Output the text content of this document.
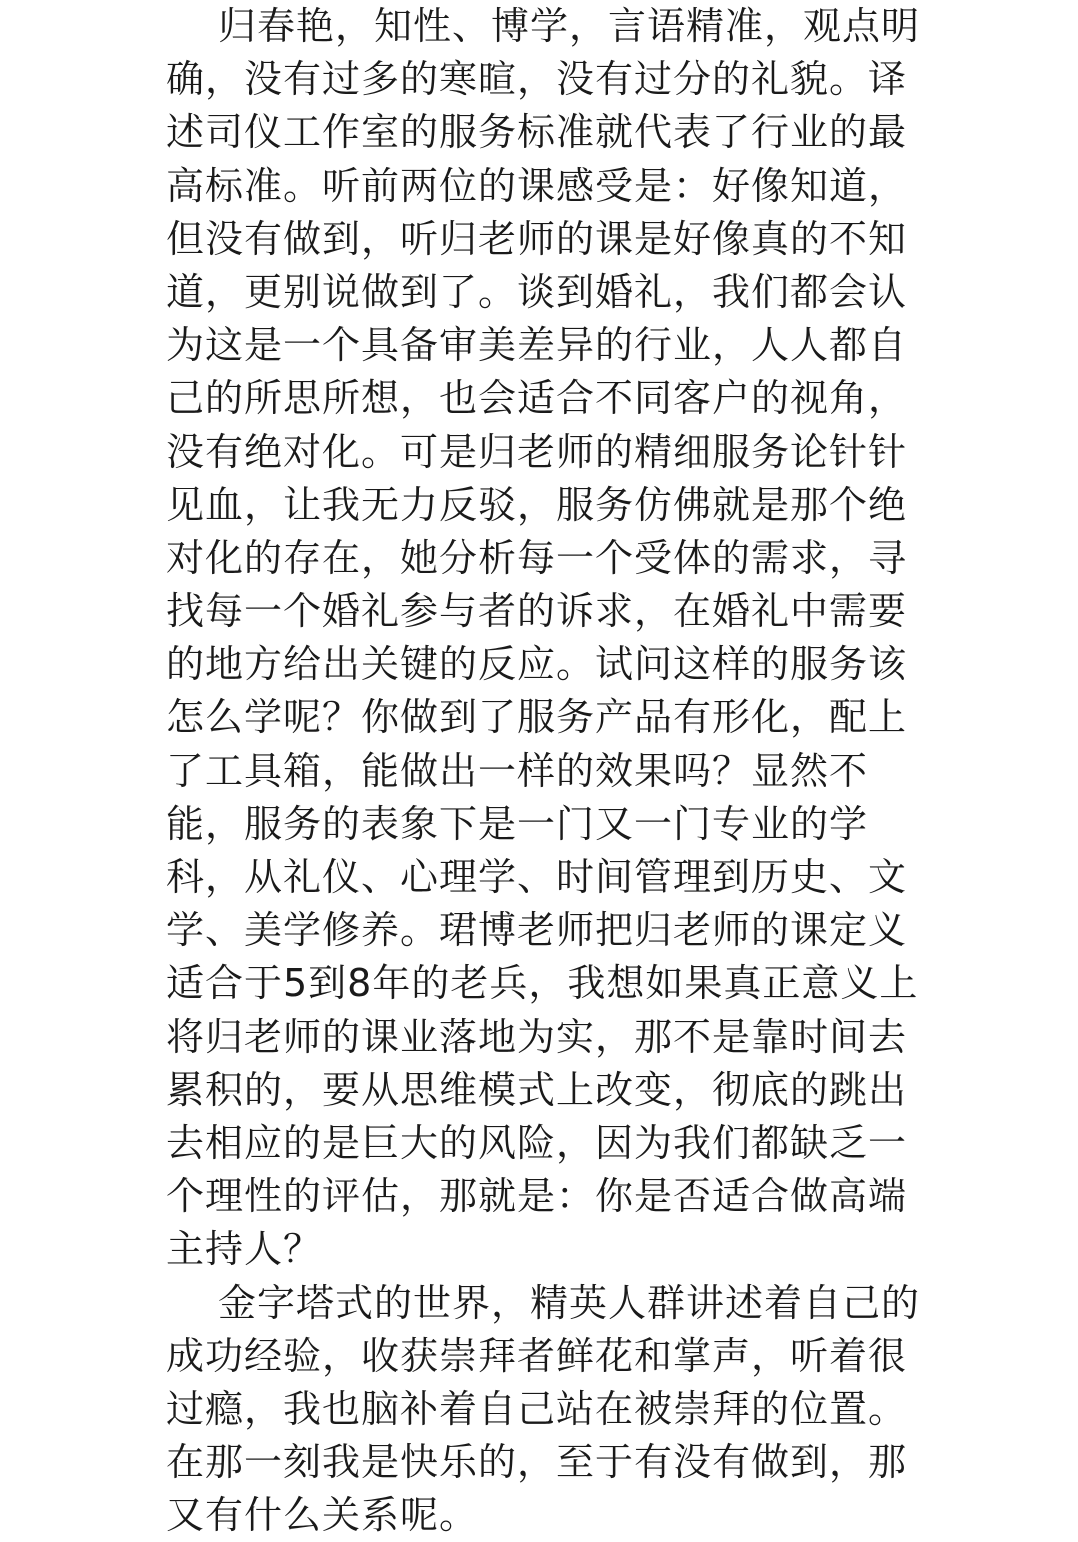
归春艳，知性、博学，言语精准，观点明
确，没有过多的寒暄，没有过分的礼貌。译
述司仪工作室的服务标准就代表了行业的最
高标准。听前两位的课感受是：好像知道，
但没有做到，听归老师的课是好像真的不知
道，更别说做到了。谈到婚礼，我们都会认
为这是一个具备审美差异的行业，人人都自
己的所思所想，也会适合不同客户的视角，
没有绝对化。可是归老师的精细服务论针针
见血，让我无力反驳，服务仿佛就是那个绝
对化的存在，她分析每一个受体的需求，寻
找每一个婚礼参与者的诉求，在婚礼中需要
的地方给出关键的反应。试问这样的服务该
怎么学呢？你做到了服务产品有形化，配上
了工具箱，能做出一样的效果吗？显然不
能，服务的表象下是一门又一门专业的学
科，从礼仪、心理学、时间管理到历史、文
学、美学修养。珺博老师把归老师的课定义
适合于5到8年的老兵，我想如果真正意义上
将归老师的课业落地为实，那不是靠时间去
累积的，要从思维模式上改变，彻底的跳出
去相应的是巨大的风险，因为我们都缺乏一
个理性的评估，那就是：你是否适合做高端
主持人？
金字塔式的世界，精英人群讲述着自己的
成功经验，收获崇拜者鲜花和掌声，听着很
过瘾，我也脑补着自己站在被崇拜的位置。
在那一刻我是快乐的，至于有没有做到，那
又有什么关系呢。
